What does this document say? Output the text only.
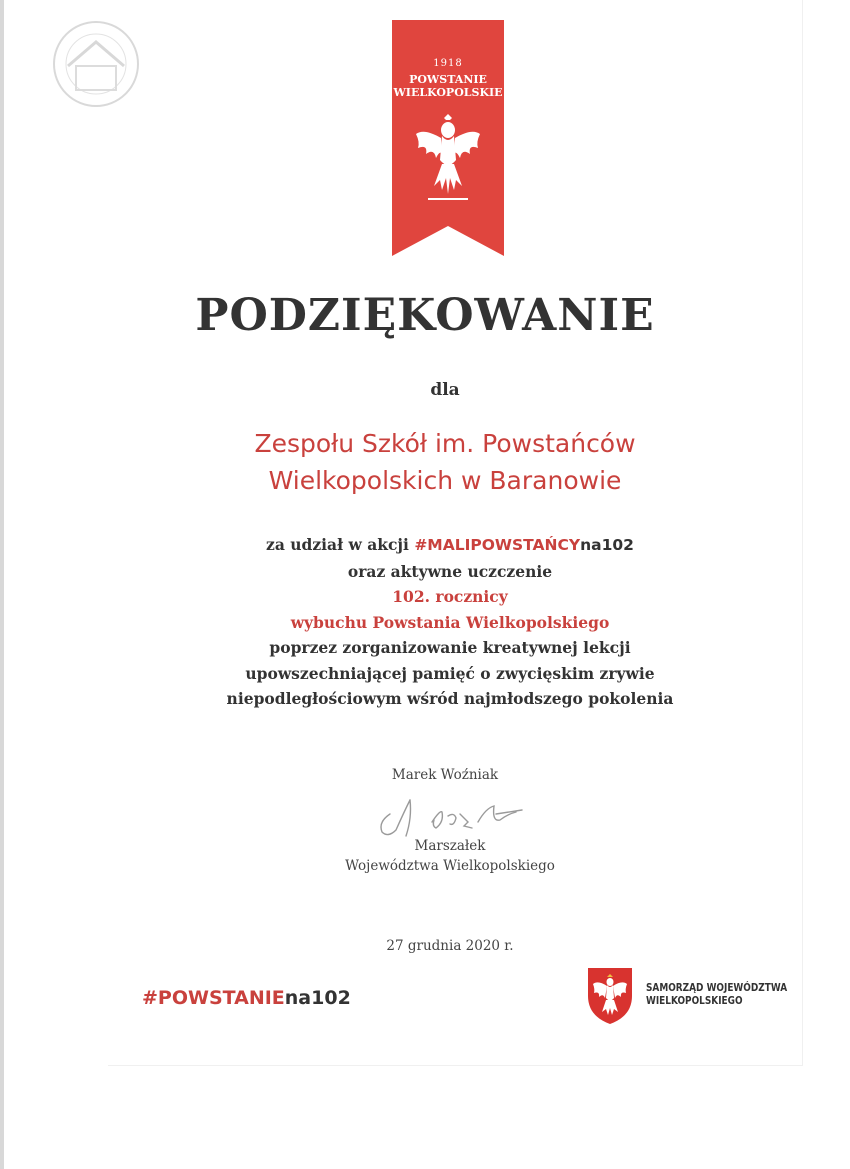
1918
POWSTANIE
WIELKOPOLSKIE
PODZIĘKOWANIE
dla
Zespołu Szkół im. Powstańców
Wielkopolskich w Baranowie
za udział w akcji #MALIPOWSTAŃCYna102
oraz aktywne uczczenie
102. rocznicy
wybuchu Powstania Wielkopolskiego
poprzez zorganizowanie kreatywnej lekcji
upowszechniającej pamięć o zwycięskim zrywie
niepodległościowym wśród najmłodszego pokolenia
Marek Woźniak
Marszałek
Województwa Wielkopolskiego
27 grudnia 2020 r.
#POWSTANIEna102	SAMORZĄD WOJEWÓDZTWA
WIELKOPOLSKIEGO
